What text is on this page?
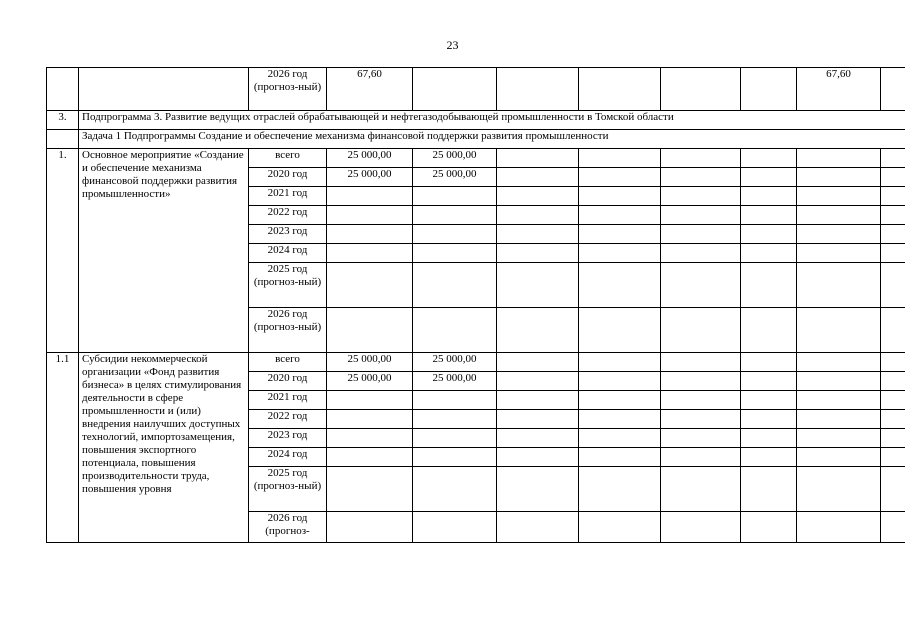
23
		2026 год (прогноз-ный)	67,60						67,60	
3.	Подпрограмма 3. Развитие ведущих отраслей обрабатывающей и нефтегазодобывающей промышленности в Томской области									
	Задача 1 Подпрограммы Создание и обеспечение механизма финансовой поддержки развития промышленности									
1.	Основное мероприятие «Создание и обеспечение механизма финансовой поддержки развития промышленности»	всего	25 000,00	25 000,00						
		2020 год	25 000,00	25 000,00						
		2021 год								
		2022 год								
		2023 год								
		2024 год								
		2025 год (прогноз-ный)								
		2026 год (прогноз-ный)								
1.1	Субсидии некоммерческой организации «Фонд развития бизнеса» в целях стимулирования деятельности в сфере промышленности и (или) внедрения наилучших доступных технологий, импортозамещения, повышения экспортного потенциала, повышения производительности труда, повышения уровня	всего	25 000,00	25 000,00						
		2020 год	25 000,00	25 000,00						
		2021 год								
		2022 год								
		2023 год								
		2024 год								
		2025 год (прогноз-ный)								
		2026 год (прогноз-								
